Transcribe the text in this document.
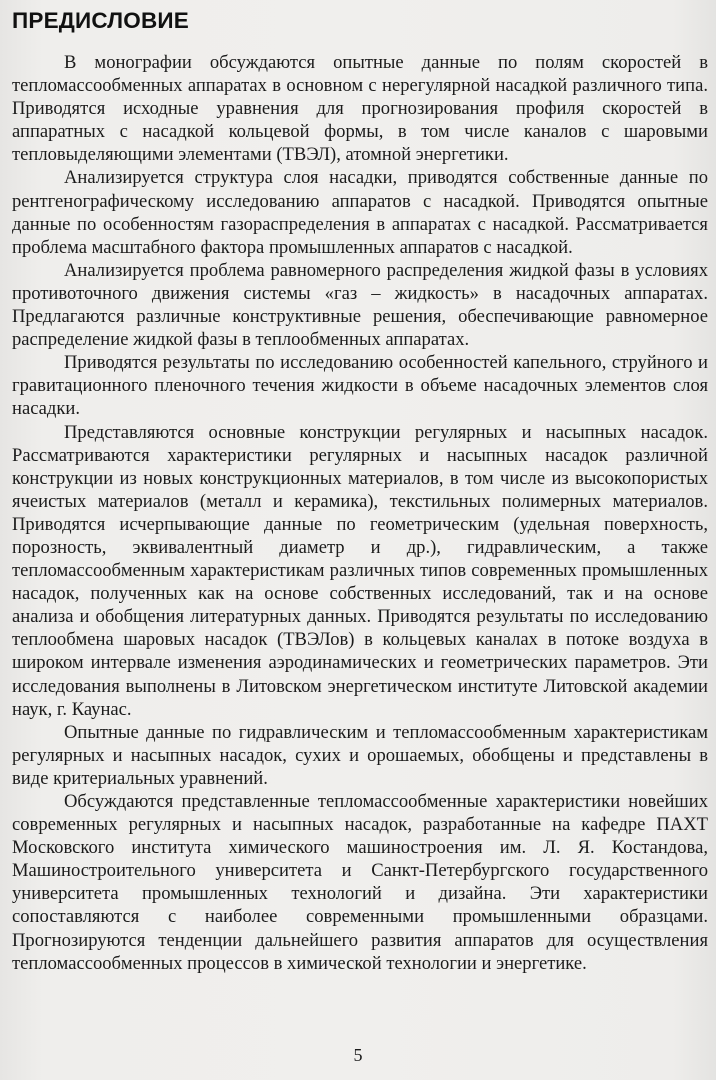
ПРЕДИСЛОВИЕ

В монографии обсуждаются опытные данные по полям скоростей в тепломассообменных аппаратах в основном с нерегулярной насадкой различного типа. Приводятся исходные уравнения для прогнозирования профиля скоростей в аппаратных с насадкой кольцевой формы, в том числе каналов с шаровыми тепловыделяющими элементами (ТВЭЛ), атомной энергетики.

Анализируется структура слоя насадки, приводятся собственные данные по рентгенографическому исследованию аппаратов с насадкой. Приводятся опытные данные по особенностям газораспределения в аппаратах с насадкой. Рассматривается проблема масштабного фактора промышленных аппаратов с насадкой.

Анализируется проблема равномерного распределения жидкой фазы в условиях противоточного движения системы «газ – жидкость» в насадочных аппаратах. Предлагаются различные конструктивные решения, обеспечивающие равномерное распределение жидкой фазы в теплообменных аппаратах.

Приводятся результаты по исследованию особенностей капельного, струйного и гравитационного пленочного течения жидкости в объеме насадочных элементов слоя насадки.

Представляются основные конструкции регулярных и насыпных насадок. Рассматриваются характеристики регулярных и насыпных насадок различной конструкции из новых конструкционных материалов, в том числе из высокопористых ячеистых материалов (металл и керамика), текстильных полимерных материалов. Приводятся исчерпывающие данные по геометрическим (удельная поверхность, порозность, эквивалентный диаметр и др.), гидравлическим, а также тепломассообменным характеристикам различных типов современных промышленных насадок, полученных как на основе собственных исследований, так и на основе анализа и обобщения литературных данных. Приводятся результаты по исследованию теплообмена шаровых насадок (ТВЭЛов) в кольцевых каналах в потоке воздуха в широком интервале изменения аэродинамических и геометрических параметров. Эти исследования выполнены в Литовском энергетическом институте Литовской академии наук, г. Каунас.

Опытные данные по гидравлическим и тепломассообменным характеристикам регулярных и насыпных насадок, сухих и орошаемых, обобщены и представлены в виде критериальных уравнений.

Обсуждаются представленные тепломассообменные характеристики новейших современных регулярных и насыпных насадок, разработанные на кафедре ПАХТ Московского института химического машиностроения им. Л. Я. Костандова, Машиностроительного университета и Санкт-Петербургского государственного университета промышленных технологий и дизайна. Эти характеристики сопоставляются с наиболее современными промышленными образцами. Прогнозируются тенденции дальнейшего развития аппаратов для осуществления тепломассообменных процессов в химической технологии и энергетике.

5
